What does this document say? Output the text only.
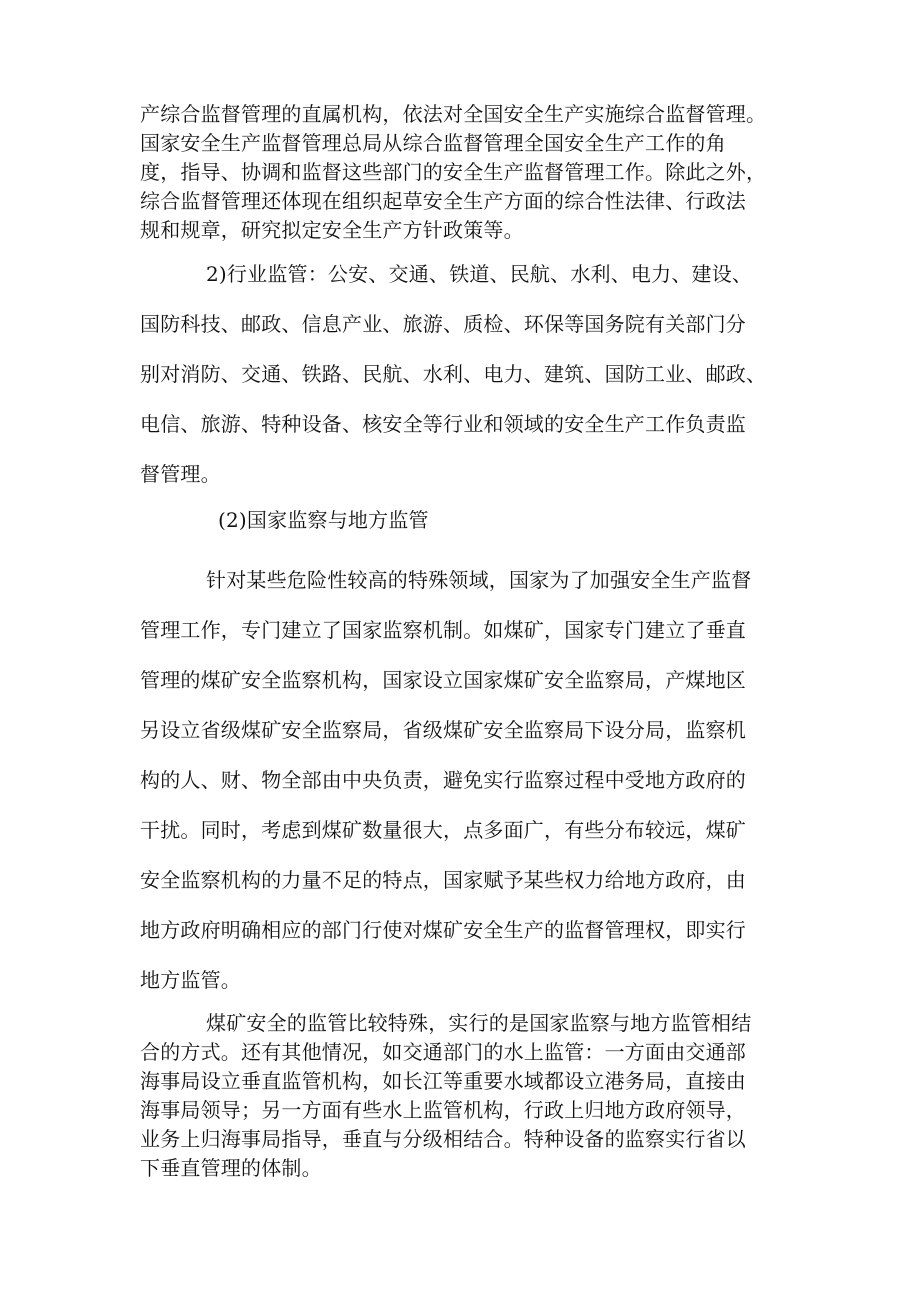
产综合监督管理的直属机构，依法对全国安全生产实施综合监督管理。
国家安全生产监督管理总局从综合监督管理全国安全生产工作的角
度，指导、协调和监督这些部门的安全生产监督管理工作。除此之外，
综合监督管理还体现在组织起草安全生产方面的综合性法律、行政法
规和规章，研究拟定安全生产方针政策等。
2)行业监管：公安、交通、铁道、民航、水利、电力、建设、
国防科技、邮政、信息产业、旅游、质检、环保等国务院有关部门分
别对消防、交通、铁路、民航、水利、电力、建筑、国防工业、邮政、
电信、旅游、特种设备、核安全等行业和领域的安全生产工作负责监
督管理。
(2)国家监察与地方监管
针对某些危险性较高的特殊领域，国家为了加强安全生产监督
管理工作，专门建立了国家监察机制。如煤矿，国家专门建立了垂直
管理的煤矿安全监察机构，国家设立国家煤矿安全监察局，产煤地区
另设立省级煤矿安全监察局，省级煤矿安全监察局下设分局，监察机
构的人、财、物全部由中央负责，避免实行监察过程中受地方政府的
干扰。同时，考虑到煤矿数量很大，点多面广，有些分布较远，煤矿
安全监察机构的力量不足的特点，国家赋予某些权力给地方政府，由
地方政府明确相应的部门行使对煤矿安全生产的监督管理权，即实行
地方监管。
煤矿安全的监管比较特殊，实行的是国家监察与地方监管相结
合的方式。还有其他情况，如交通部门的水上监管：一方面由交通部
海事局设立垂直监管机构，如长江等重要水域都设立港务局，直接由
海事局领导；另一方面有些水上监管机构，行政上归地方政府领导，
业务上归海事局指导，垂直与分级相结合。特种设备的监察实行省以
下垂直管理的体制。
